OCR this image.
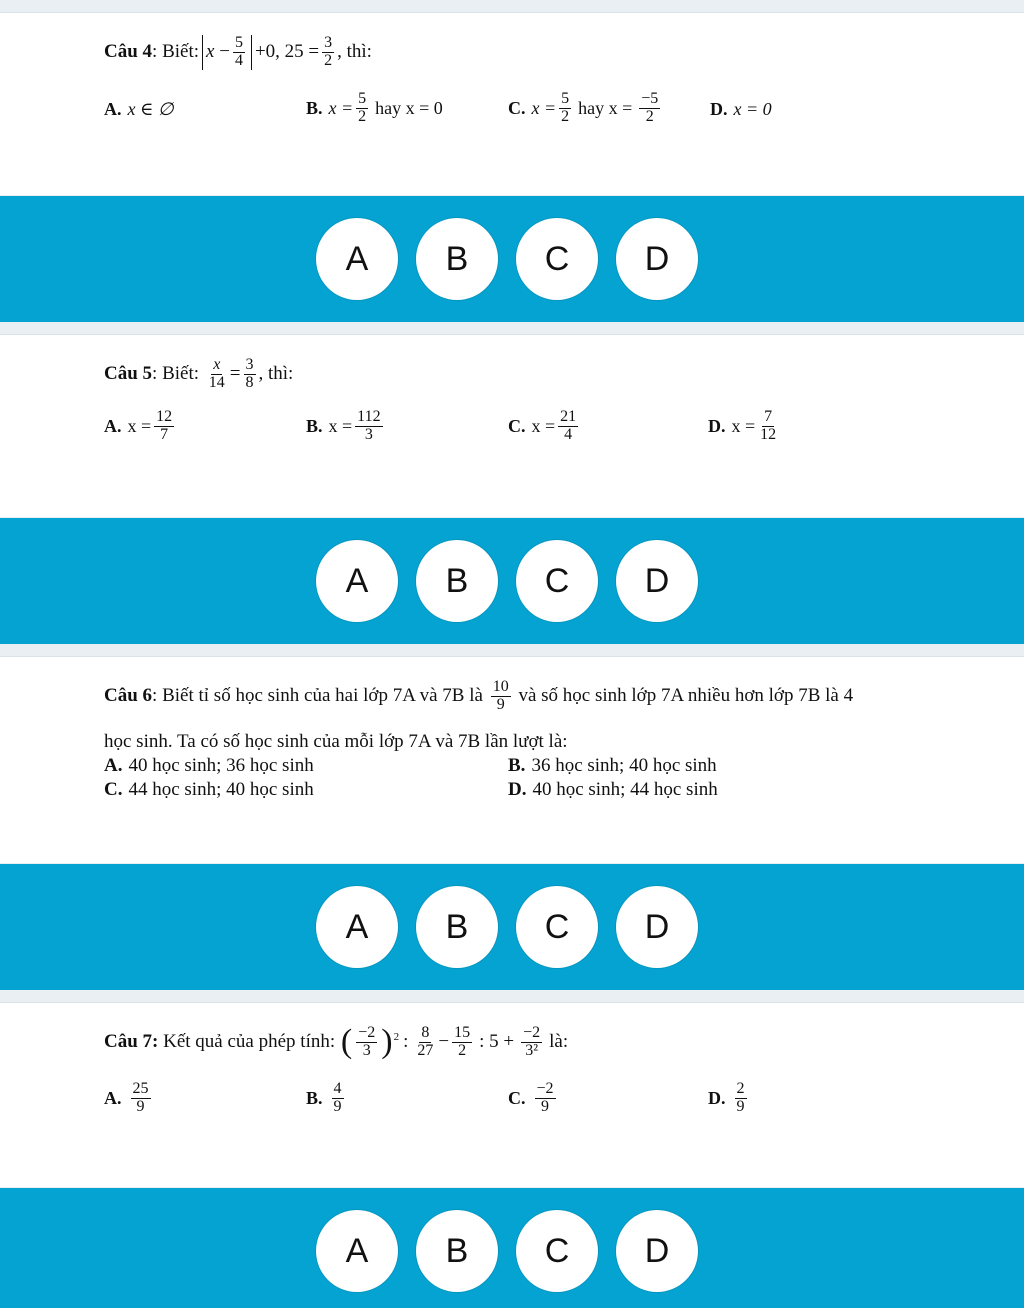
Câu 4 : Biết: $x - \frac{5}{4} +0$, $25 = \frac{3}{2}$ , thì:
A. x ∈ ∅	B. $x = \frac{5}{2}$ hay x = 0	C. $x = \frac{5}{2}$ hay $x = \frac{-5}{2}$	D. x = 0
A	B	C	D
Câu 5 : Biết:
$\frac{x}{14} = \frac{3}{8}$ , thì:
A. $x = \frac{12}{7}$	B. $x = \frac{112}{3}$	C. $x = \frac{21}{4}$	D. $x = \frac{7}{12}$
A	B	C	D
Câu 6 : Biết tỉ số học sinh của hai lớp 7A và 7B là
$\frac{10}{9}$
và số học sinh lớp 7A nhiều hơn lớp 7B là 4
học sinh. Ta có số học sinh của mỗi lớp 7A và 7B lần lượt là:
A. 40 học sinh; 36 học sinh	B. 36 học sinh; 40 học sinh
C. 44 học sinh; 40 học sinh	D. 40 học sinh; 44 học sinh
A	B	C	D
Câu 7:
Kết quả của phép tính:
( $\frac{-2}{3} )^2$ : $\frac{8}{27} - \frac{15}{2}$ : $5 + \frac{-2}{\text{3²}}$ là:
A. $\frac{25}{9}$	B. $\frac{4}{9}$	C. $\frac{-2}{9}$	D. $\frac{2}{9}$
A	B	C	D
